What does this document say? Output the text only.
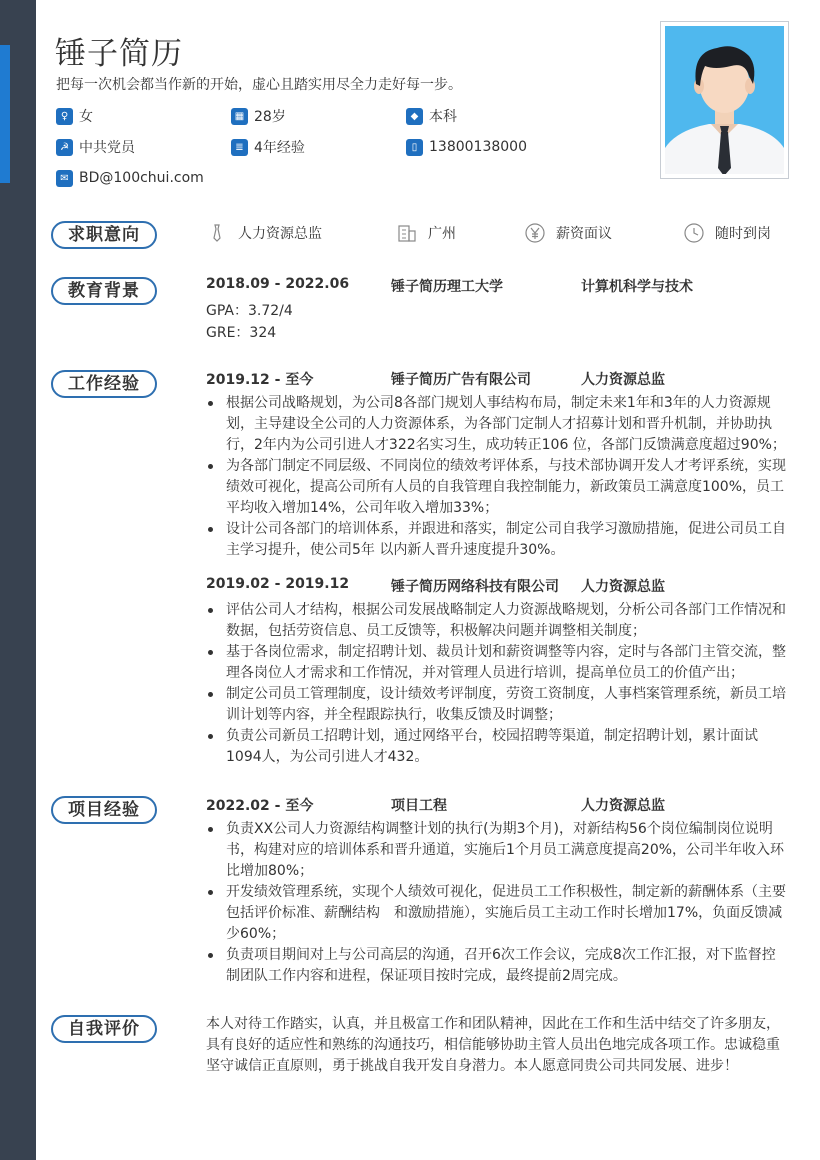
锤子简历
把每一次机会都当作新的开始，虚心且踏实用尽全力走好每一步。
♀ 女	▦ 28岁	◆ 本科
☭ 中共党员	≣ 4年经验	▯ 13800138000
✉ BD@100chui.com
求职意向	人力资源总监	广州	薪资面议	随时到岗
教育背景	2018.09 - 2022.06	锤子简历理工大学	计算机科学与技术
GPA：3.72/4
GRE：324
工作经验	2019.12 - 至今	锤子简历广告有限公司	人力资源总监
根据公司战略规划，为公司8各部门规划人事结构布局，制定未来1年和3年的人力资源规划，主导建设全公司的人力资源体系，为各部门定制人才招募计划和晋升机制，并协助执行，2年内为公司引进人才322名实习生，成功转正106 位，各部门反馈满意度超过90%；
为各部门制定不同层级、不同岗位的绩效考评体系，与技术部协调开发人才考评系统，实现绩效可视化，提高公司所有人员的自我管理自我控制能力，新政策员工满意度100%，员工平均收入增加14%，公司年收入增加33%；
设计公司各部门的培训体系，并跟进和落实，制定公司自我学习激励措施，促进公司员工自主学习提升，使公司5年 以内新人晋升速度提升30%。
2019.02 - 2019.12	锤子简历网络科技有限公司 人力资源总监
评估公司人才结构，根据公司发展战略制定人力资源战略规划，分析公司各部门工作情况和数据，包括劳资信息、员工反馈等，积极解决问题并调整相关制度；
基于各岗位需求，制定招聘计划、裁员计划和薪资调整等内容，定时与各部门主管交流，整理各岗位人才需求和工作情况，并对管理人员进行培训，提高单位员工的价值产出；
制定公司员工管理制度，设计绩效考评制度，劳资工资制度，人事档案管理系统，新员工培训计划等内容，并全程跟踪执行，收集反馈及时调整；
负责公司新员工招聘计划，通过网络平台，校园招聘等渠道，制定招聘计划，累计面试1094人，为公司引进人才432。
项目经验	2022.02 - 至今	项目工程	人力资源总监
负责XX公司人力资源结构调整计划的执行(为期3个月)，对新结构56个岗位编制岗位说明书，构建对应的培训体系和晋升通道，实施后1个月员工满意度提高20%，公司半年收入环比增加80%；
开发绩效管理系统，实现个人绩效可视化，促进员工工作积极性，制定新的薪酬体系（主要包括评价标准、薪酬结构　和激励措施），实施后员工主动工作时长增加17%，负面反馈减少60%；
负责项目期间对上与公司高层的沟通，召开6次工作会议，完成8次工作汇报，对下监督控制团队工作内容和进程，保证项目按时完成，最终提前2周完成。
自我评价	本人对待工作踏实，认真，并且极富工作和团队精神，因此在工作和生活中结交了许多朋友，具有良好的适应性和熟练的沟通技巧，相信能够协助主管人员出色地完成各项工作。忠诚稳重坚守诚信正直原则，勇于挑战自我开发自身潜力。本人愿意同贵公司共同发展、进步！
